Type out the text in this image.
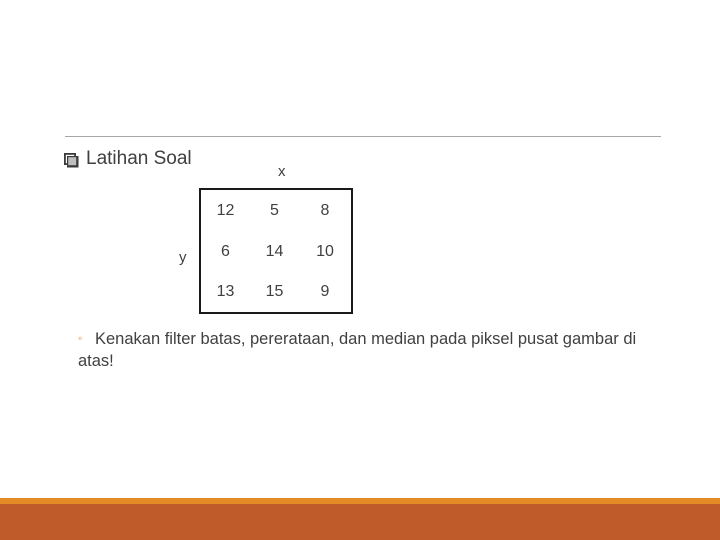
Latihan Soal
x
y
12	5	8
6	14	10
13	15	9
◦ Kenakan filter batas, pererataan, dan median pada piksel pusat gambar di atas!
